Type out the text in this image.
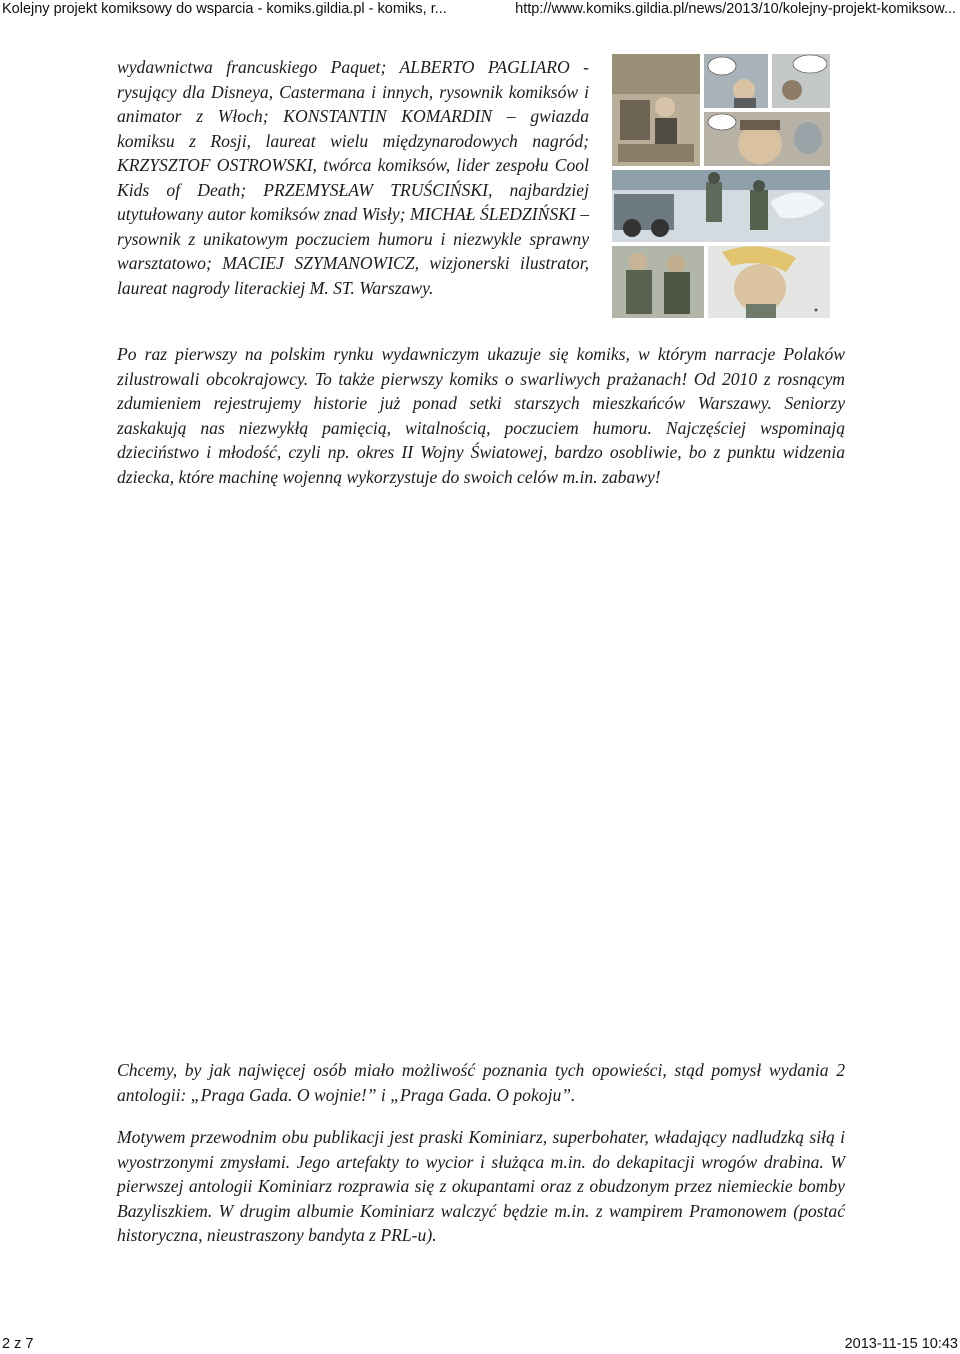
Kolejny projekt komiksowy do wsparcia - komiks.gildia.pl - komiks, r...	http://www.komiks.gildia.pl/news/2013/10/kolejny-projekt-komiksow...

wydawnictwa francuskiego Paquet; ALBERTO PAGLIARO - rysujący dla Disneya, Castermana i innych, rysownik komiksów i animator z Włoch; KONSTANTIN KOMARDIN – gwiazda komiksu z Rosji, laureat wielu międzynarodowych nagród; KRZYSZTOF OSTROWSKI, twórca komiksów, lider zespołu Cool Kids of Death; PRZEMYSŁAW TRUŚCIŃSKI, najbardziej utytułowany autor komiksów znad Wisły; MICHAŁ ŚLEDZIŃSKI – rysownik z unikatowym poczuciem humoru i niezwykle sprawny warsztatowo; MACIEJ SZYMANOWICZ, wizjonerski ilustrator, laureat nagrody literackiej M. ST. Warszawy.

Po raz pierwszy na polskim rynku wydawniczym ukazuje się komiks, w którym narracje Polaków zilustrowali obcokrajowcy. To także pierwszy komiks o swarliwych prażanach! Od 2010 z rosnącym zdumieniem rejestrujemy historie już ponad setki starszych mieszkańców Warszawy. Seniorzy zaskakują nas niezwykłą pamięcią, witalnością, poczuciem humoru. Najczęściej wspominają dzieciństwo i młodość, czyli np. okres II Wojny Światowej, bardzo osobliwie, bo z punktu widzenia dziecka, które machinę wojenną wykorzystuje do swoich celów m.in. zabawy!

Chcemy, by jak najwięcej osób miało możliwość poznania tych opowieści, stąd pomysł wydania 2 antologii: „Praga Gada. O wojnie!” i „Praga Gada. O pokoju”.

Motywem przewodnim obu publikacji jest praski Kominiarz, superbohater, władający nadludzką siłą i wyostrzonymi zmysłami. Jego artefakty to wycior i służąca m.in. do dekapitacji wrogów drabina. W pierwszej antologii Kominiarz rozprawia się z okupantami oraz z obudzonym przez niemieckie bomby Bazyliszkiem. W drugim albumie Kominiarz walczyć będzie m.in. z wampirem Pramonowem (postać historyczna, nieustraszony bandyta z PRL-u).

2 z 7	2013-11-15 10:43
